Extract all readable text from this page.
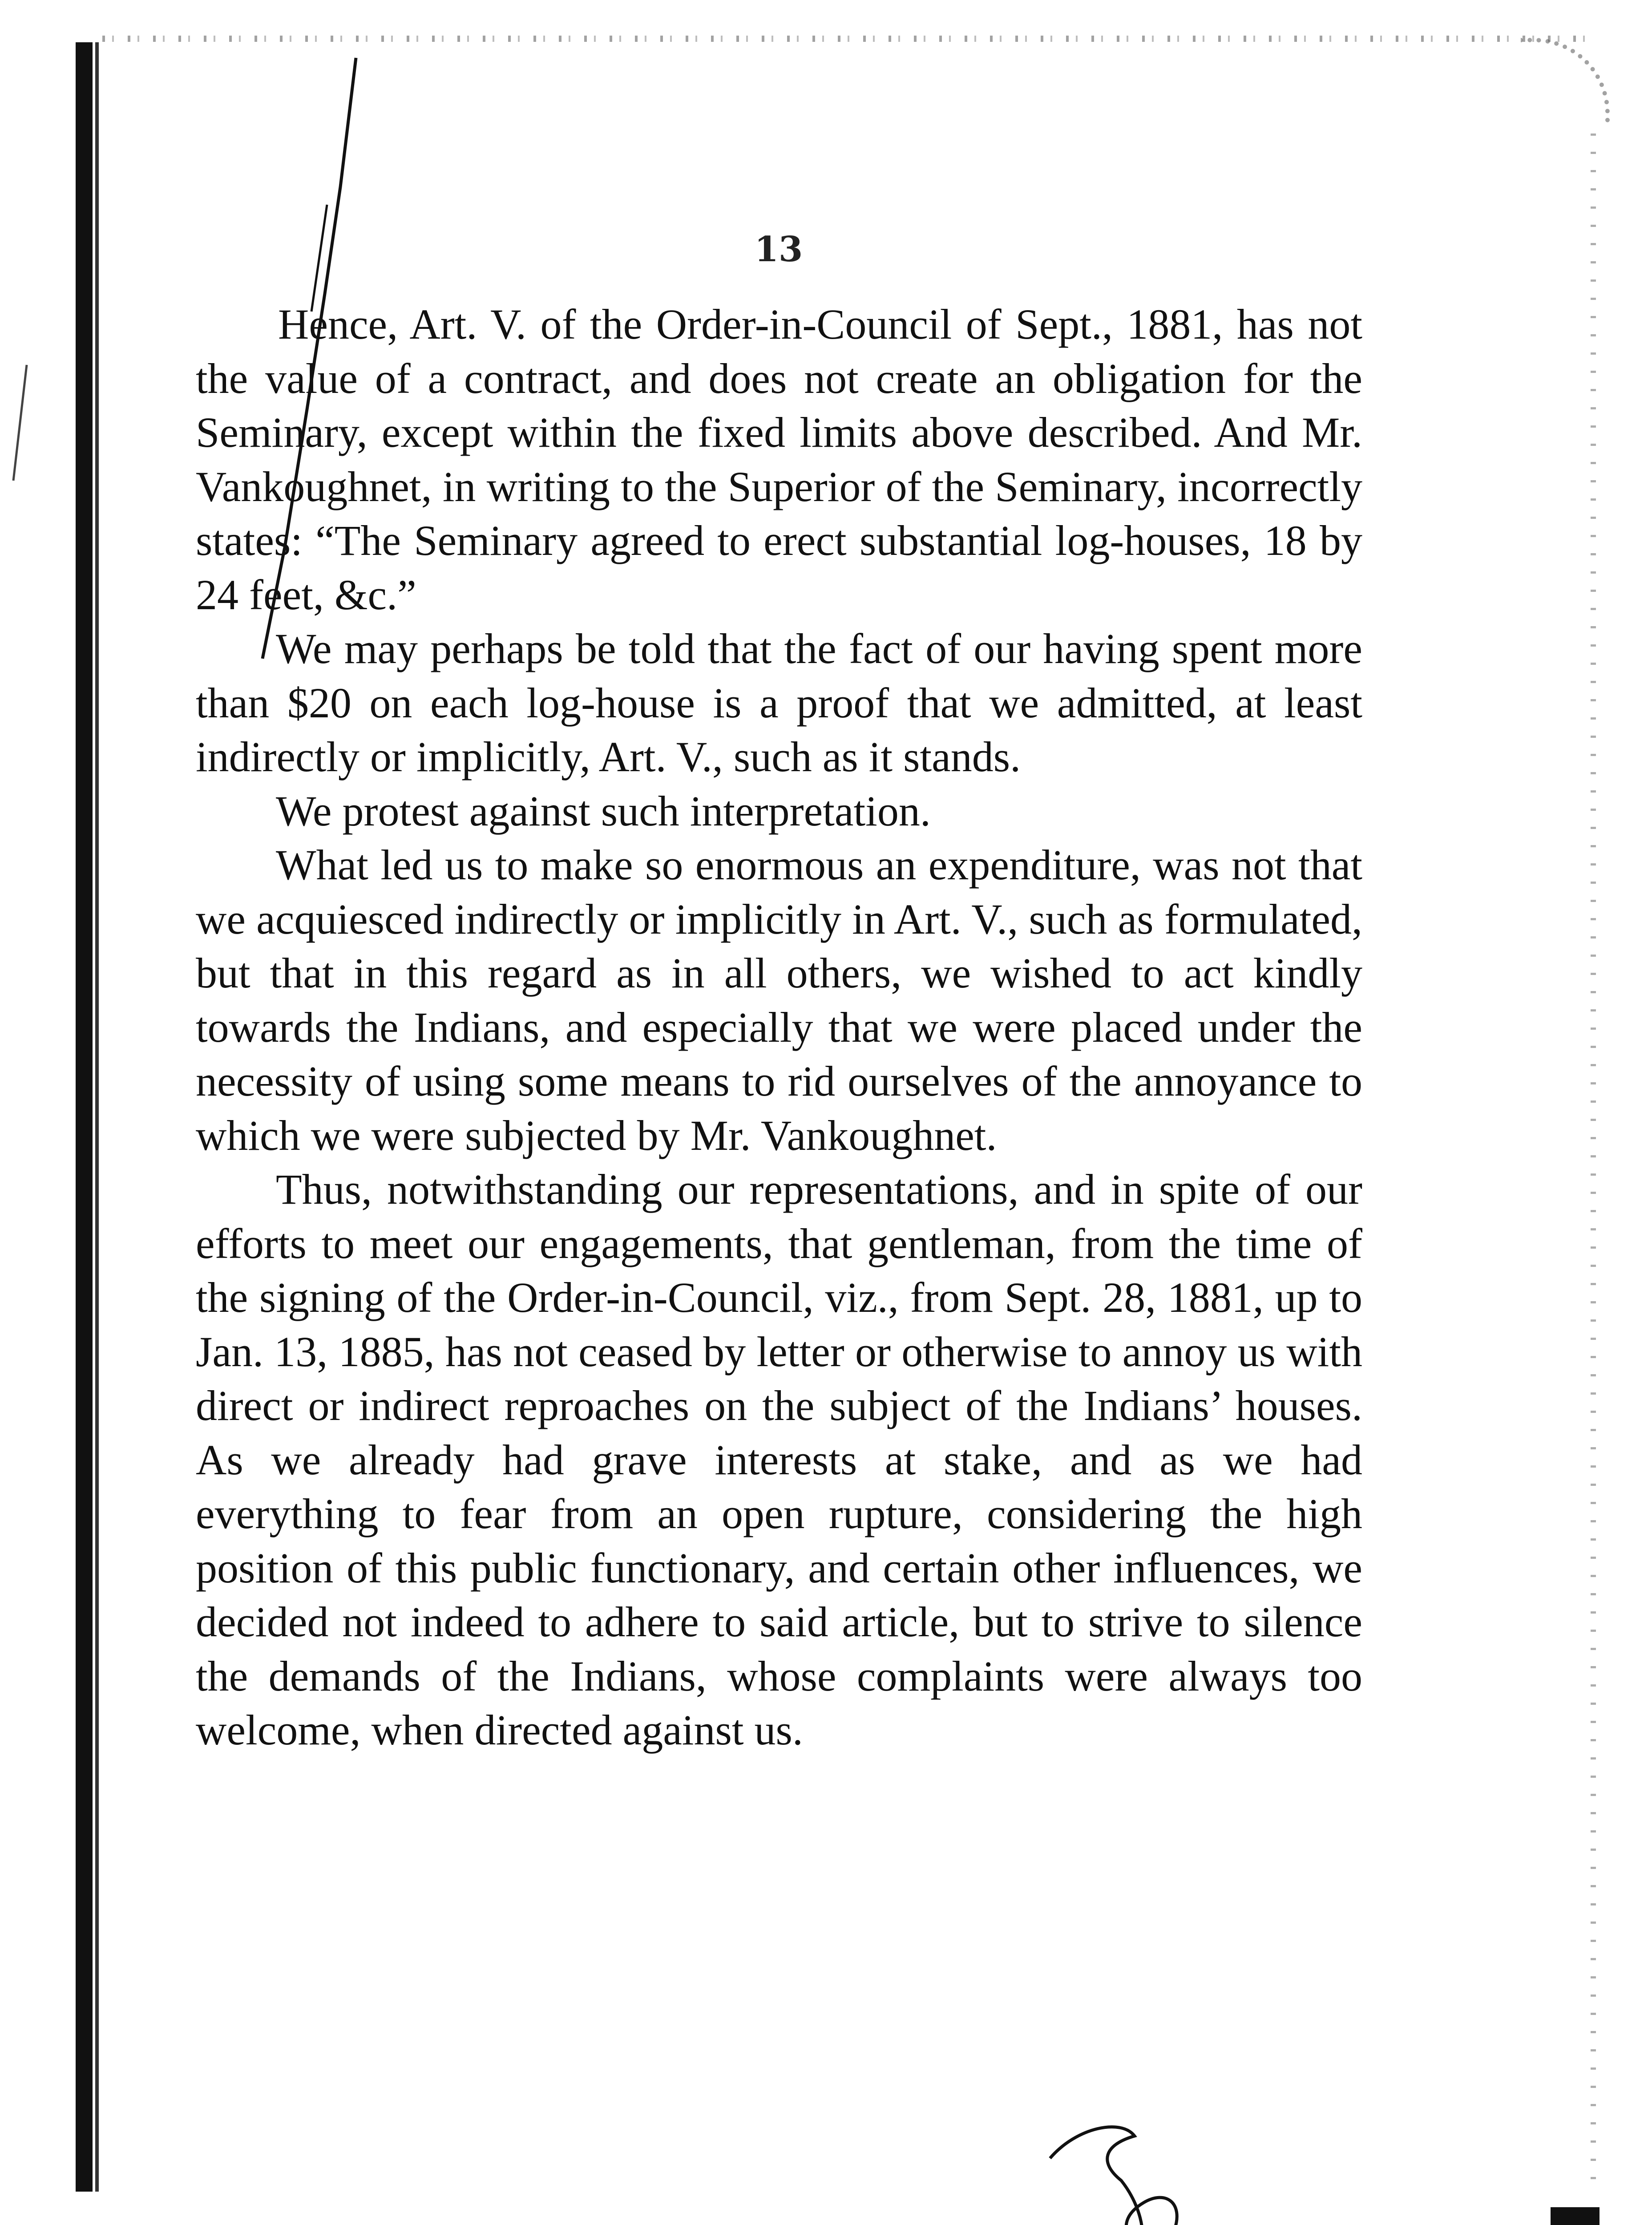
13

Hence, Art. V. of the Order-in-Council of Sept., 1881, has not the value of a contract, and does not create an obligation for the Seminary, except within the fixed limits above described. And Mr. Vankoughnet, in writing to the Superior of the Seminary, incorrectly states: “The Seminary agreed to erect substantial log-houses, 18 by 24 feet, &c.”

We may perhaps be told that the fact of our having spent more than $20 on each log-house is a proof that we admitted, at least indirectly or implicitly, Art. V., such as it stands.

We protest against such interpretation.

What led us to make so enormous an expenditure, was not that we acquiesced indirectly or implicitly in Art. V., such as formulated, but that in this regard as in all others, we wished to act kindly towards the Indians, and especially that we were placed under the necessity of using some means to rid ourselves of the annoyance to which we were subjected by Mr. Vankoughnet.

Thus, notwithstanding our representations, and in spite of our efforts to meet our engagements, that gentleman, from the time of the signing of the Order-in-Council, viz., from Sept. 28, 1881, up to Jan. 13, 1885, has not ceased by letter or otherwise to annoy us with direct or indirect reproaches on the subject of the Indians’ houses. As we already had grave interests at stake, and as we had everything to fear from an open rupture, considering the high position of this public functionary, and certain other influences, we decided not indeed to adhere to said article, but to strive to silence the demands of the Indians, whose complaints were always too welcome, when directed against us.
